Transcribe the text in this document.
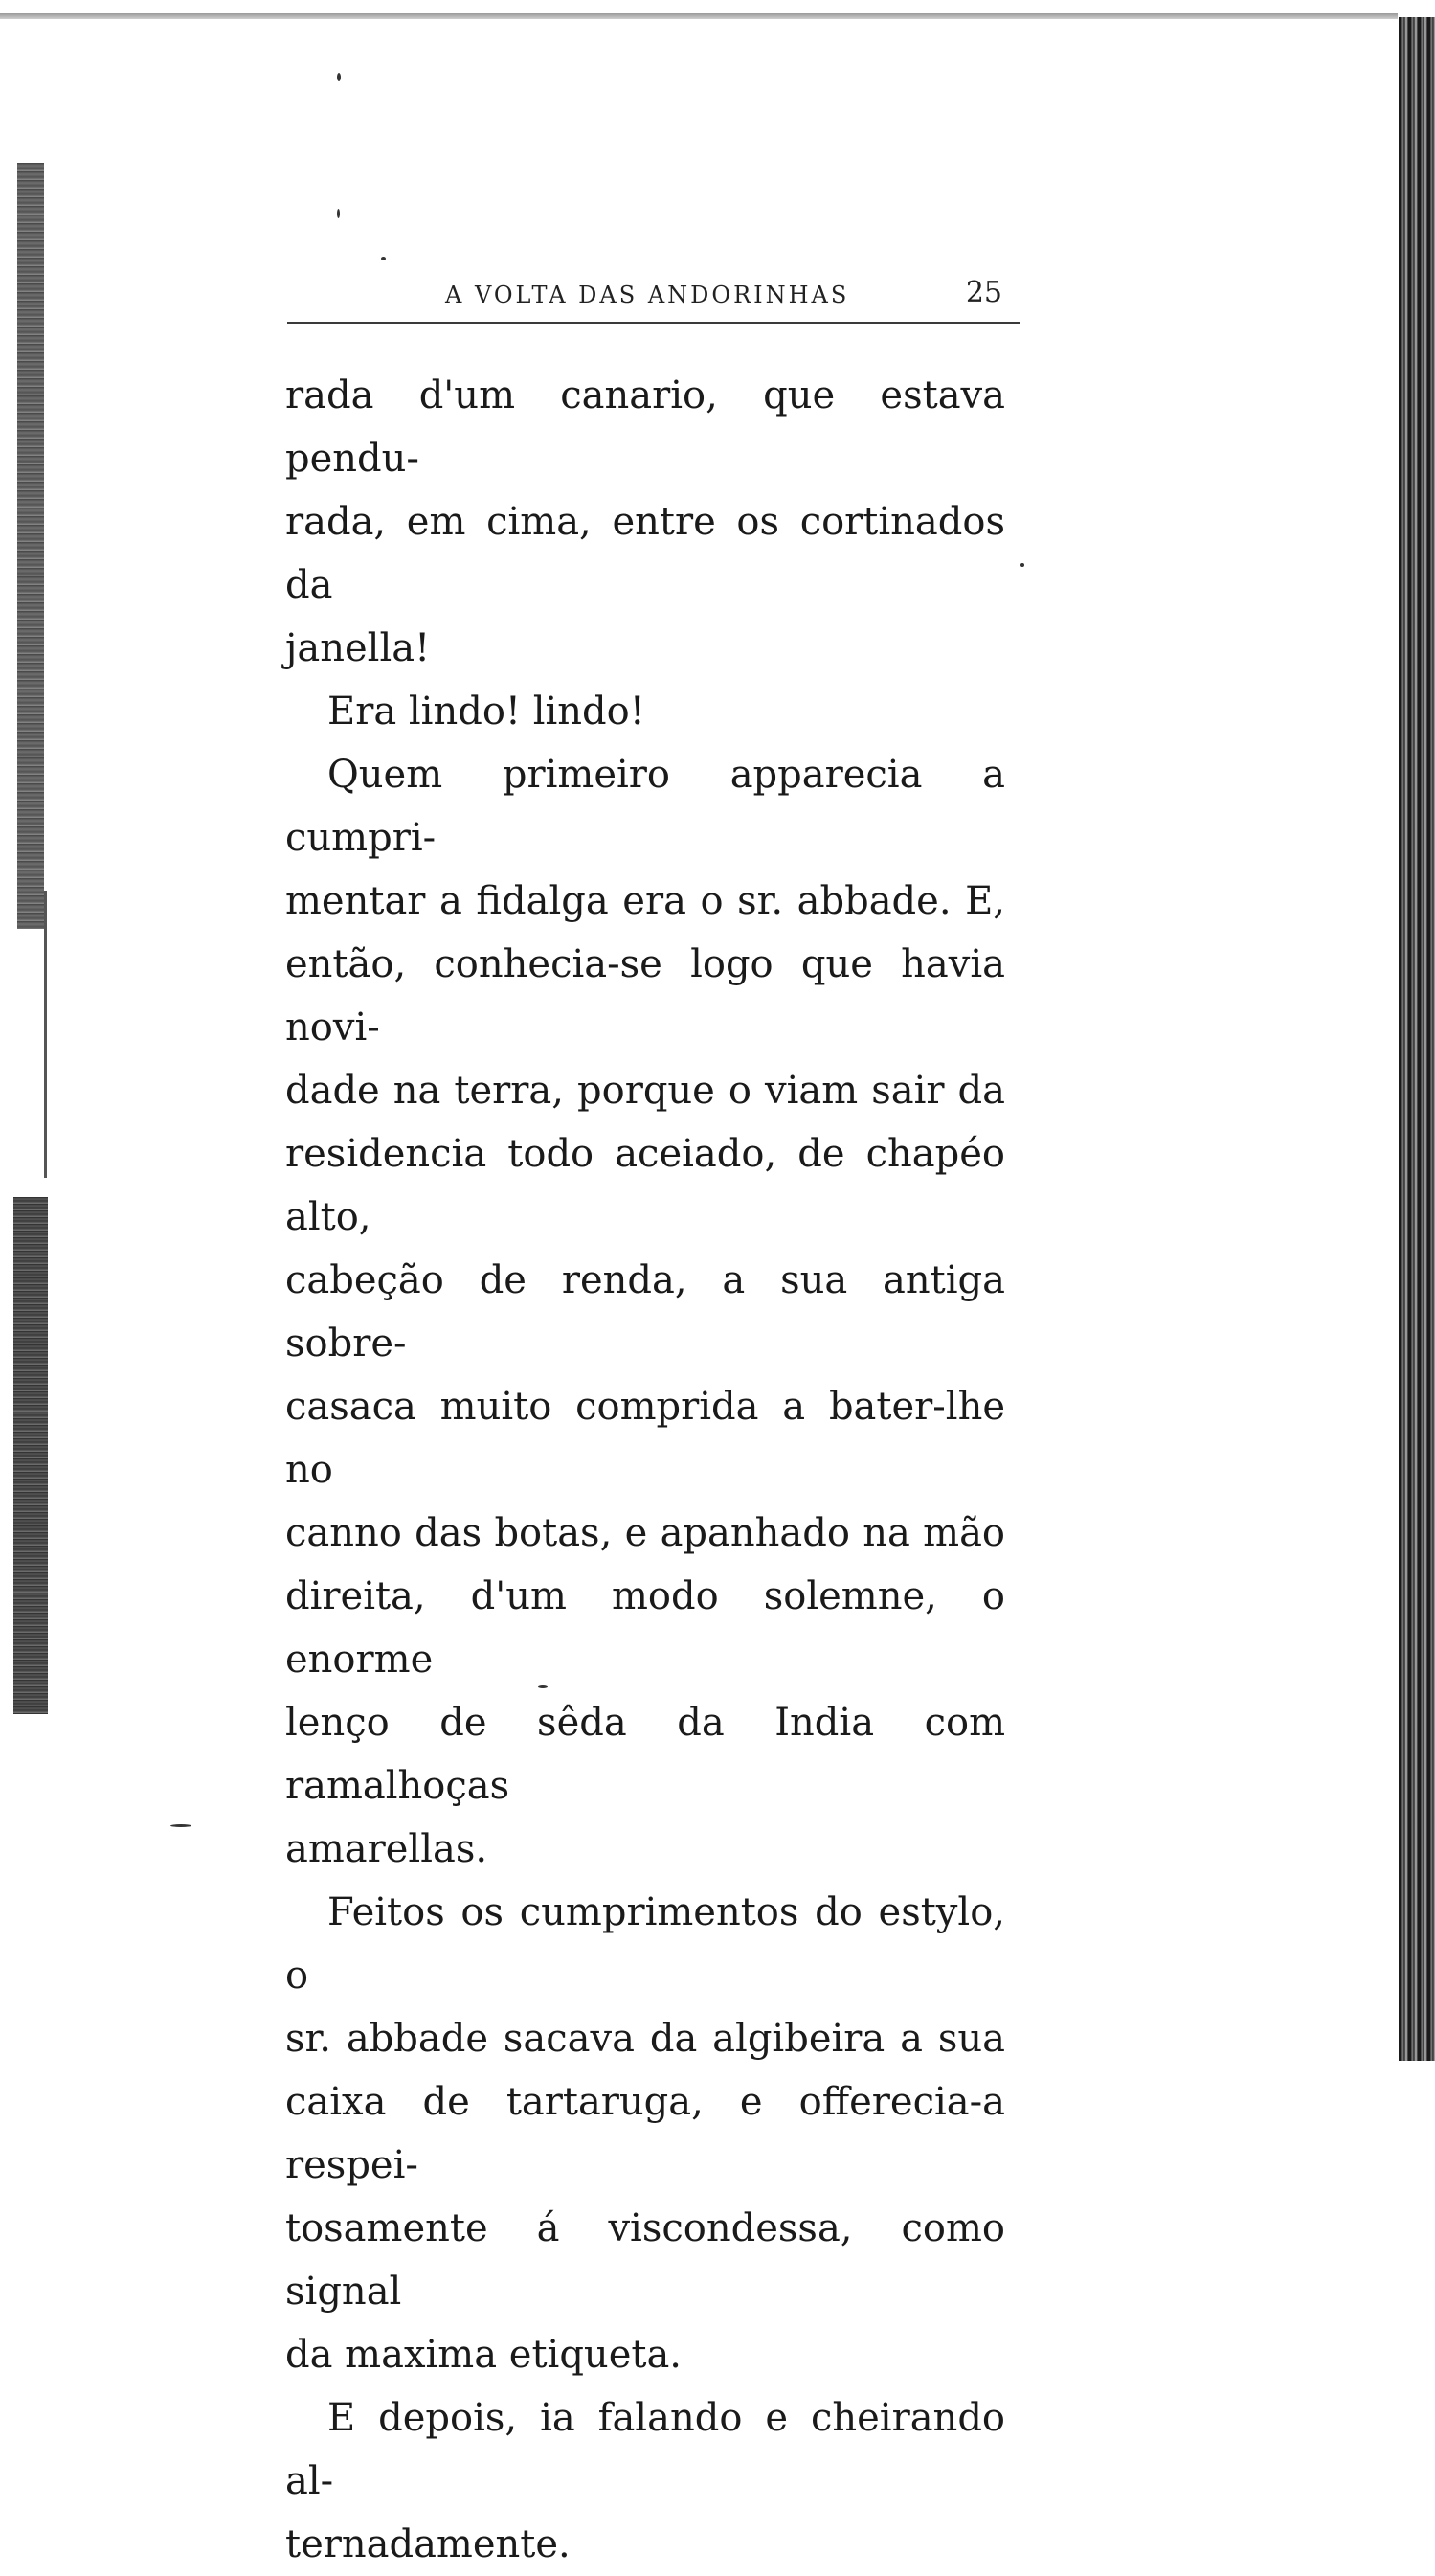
A VOLTA DAS ANDORINHAS	25

rada d'um canario, que estava pendu-
rada, em cima, entre os cortinados da
janella!

Era lindo! lindo!

Quem primeiro apparecia a cumpri-
mentar a fidalga era o sr. abbade. E,
então, conhecia-se logo que havia novi-
dade na terra, porque o viam sair da
residencia todo aceiado, de chapéo alto,
cabeção de renda, a sua antiga sobre-
casaca muito comprida a bater-lhe no
canno das botas, e apanhado na mão
direita, d'um modo solemne, o enorme
lenço de sêda da India com ramalhoças
amarellas.

Feitos os cumprimentos do estylo, o
sr. abbade sacava da algibeira a sua
caixa de tartaruga, e offerecia-a respei-
tosamente á viscondessa, como signal
da maxima etiqueta.

E depois, ia falando e cheirando al-
ternadamente.
